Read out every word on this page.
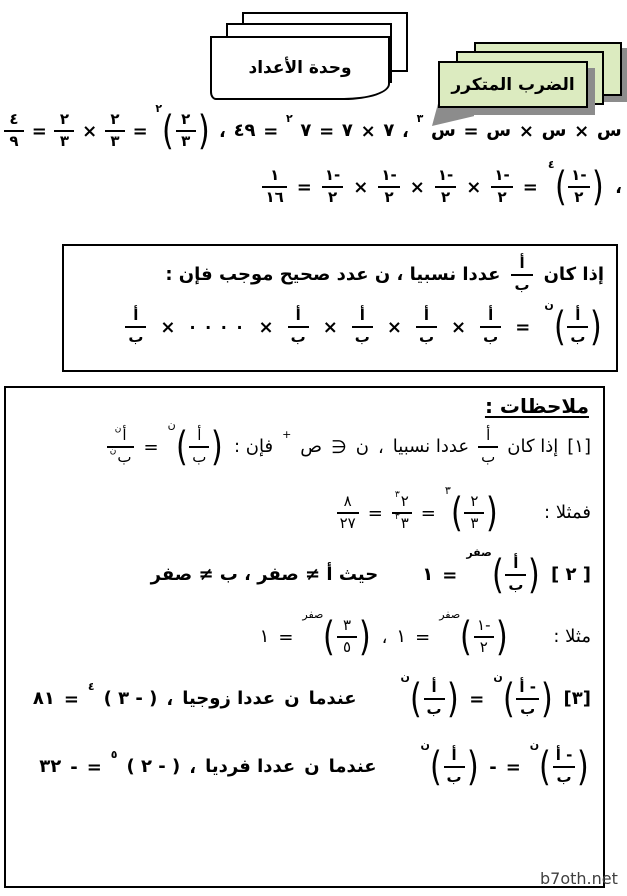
وحدة الأعداد
الضرب المتكرر
٤
٩ =
٢
٣ ×
٢
٣ =
٢ ( ٢
٣ ) ، ٤٩ =
٢
٧ = ٧ × ٧ ،
٣
س = س × س × س
١
١٦ =
١-
٢ ×
١-
٢ ×
١-
٢ ×
١-
٢ =
٤ ( ١-
٢ ) ،
عددا نسبيا ، ن عدد صحيح موجب فإن :
أ
ب إذا كان
أ
ب × · · · · ×
أ
ب ×
أ
ب ×
أ
ب ×
أ
ب =
ن ( أ
ب )
ملاحظات :
ن أ
ن ب =
ن ( أ
ب ) فإن :
+
ص ∋ ن ، عددا نسبيا
أ
ب إذا كان [١]
٨
٢٧ =
٣ ٢
٣ ٣ =
٣ ( ٢
٣ )	فمثلا :
حيث أ ≠ صفر ، ب ≠ صفر ١ =
صفر ( أ
ب ) [ ٢ ]
١ =
صفر ( ٣
٥ ) ، ١ =
صفر ( ١-
٢ )	مثلا :
٨١ =
٤
( ٣ - ) ، عددا زوجيا ن عندما
ن ( أ
ب ) =
ن ( أ -
ب ) [٣]
٣٢ - =
٥
( ٢ - ) ، عددا فرديا ن عندما
ن ( أ
ب ) - =
ن ( أ -
ب )
b7oth.net
